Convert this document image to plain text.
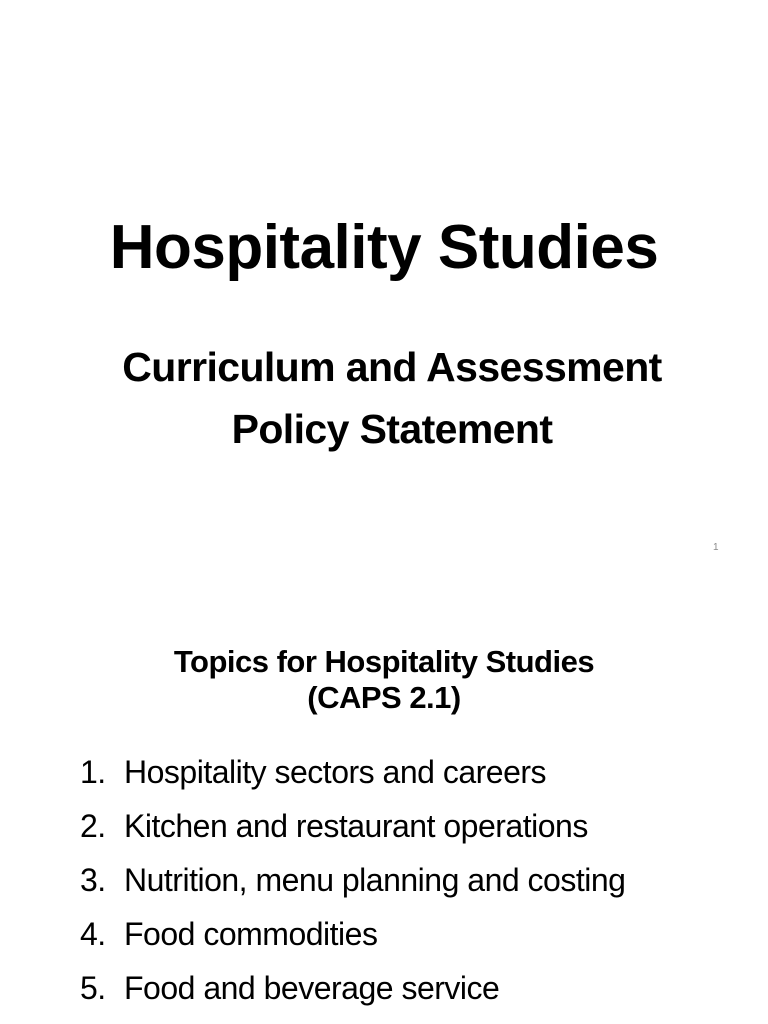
Hospitality Studies
Curriculum and Assessment
Policy Statement
1
Topics for Hospitality Studies
(CAPS 2.1)
1. Hospitality sectors and careers
2. Kitchen and restaurant operations
3. Nutrition, menu planning and costing
4. Food commodities
5. Food and beverage service
